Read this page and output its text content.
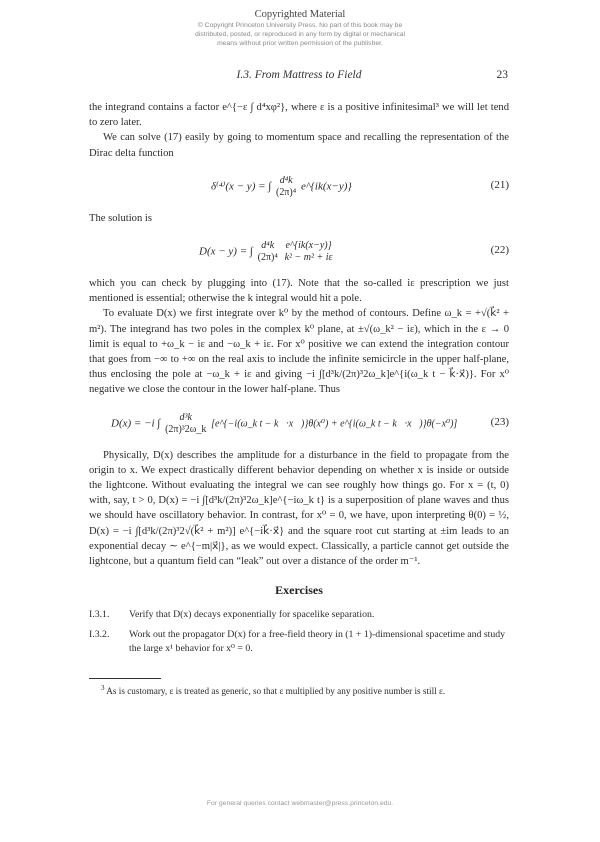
Copyrighted Material
© Copyright Princeton University Press. No part of this book may be
distributed, posted, or reproduced in any form by digital or mechanical
means without prior written permission of the publisher.
I.3. From Mattress to Field	23

the integrand contains a factor e^{−ε ∫ d⁴xφ²}, where ε is a positive infinitesimal³ we will let tend to zero later.

We can solve (17) easily by going to momentum space and recalling the representation of the Dirac delta function

δ⁽⁴⁾(x − y) = ∫
d⁴k
(2π)⁴ e^{ik(x−y)}	(21)

The solution is

D(x − y) = ∫
d⁴k
(2π)⁴

e^{ik(x−y)}
k² − m² + iε
(22)

which you can check by plugging into (17). Note that the so-called iε prescription we just mentioned is essential; otherwise the k integral would hit a pole.

To evaluate D(x) we first integrate over k⁰ by the method of contours. Define ω_k = +√(k⃗² + m²). The integrand has two poles in the complex k⁰ plane, at ±√(ω_k² − iε), which in the ε → 0 limit is equal to +ω_k − iε and −ω_k + iε. For x⁰ positive we can extend the integration contour that goes from −∞ to +∞ on the real axis to include the infinite semicircle in the upper half-plane, thus enclosing the pole at −ω_k + iε and giving −i ∫[d³k/(2π)³2ω_k]e^{i(ω_k t − k⃗·x⃗)}. For x⁰ negative we close the contour in the lower half-plane. Thus

D(x) = −i ∫
d³k
(2π)³2ω_k [e^{−i(ω_k t − k⃗·x⃗)}θ(x⁰) + e^{i(ω_k t − k⃗·x⃗)}θ(−x⁰)]	(23)

Physically, D(x) describes the amplitude for a disturbance in the field to propagate from the origin to x. We expect drastically different behavior depending on whether x is inside or outside the lightcone. Without evaluating the integral we can see roughly how things go. For x = (t, 0) with, say, t > 0, D(x) = −i ∫[d³k/(2π)³2ω_k]e^{−iω_k t} is a superposition of plane waves and thus we should have oscillatory behavior. In contrast, for x⁰ = 0, we have, upon interpreting θ(0) = ½, D(x) = −i ∫[d³k/(2π)³2√(k⃗² + m²)] e^{−ik⃗·x⃗} and the square root cut starting at ±im leads to an exponential decay ∼ e^{−m|x⃗|}, as we would expect. Classically, a particle cannot get outside the lightcone, but a quantum field can “leak” out over a distance of the order m⁻¹.

Exercises
I.3.1.	Verify that D(x) decays exponentially for spacelike separation.
I.3.2.	Work out the propagator D(x) for a free-field theory in (1 + 1)-dimensional spacetime and study the large x¹ behavior for x⁰ = 0.
$^3$ As is customary, ε is treated as generic, so that ε multiplied by any positive number is still ε.
For general queries contact webmaster@press.princeton.edu.
